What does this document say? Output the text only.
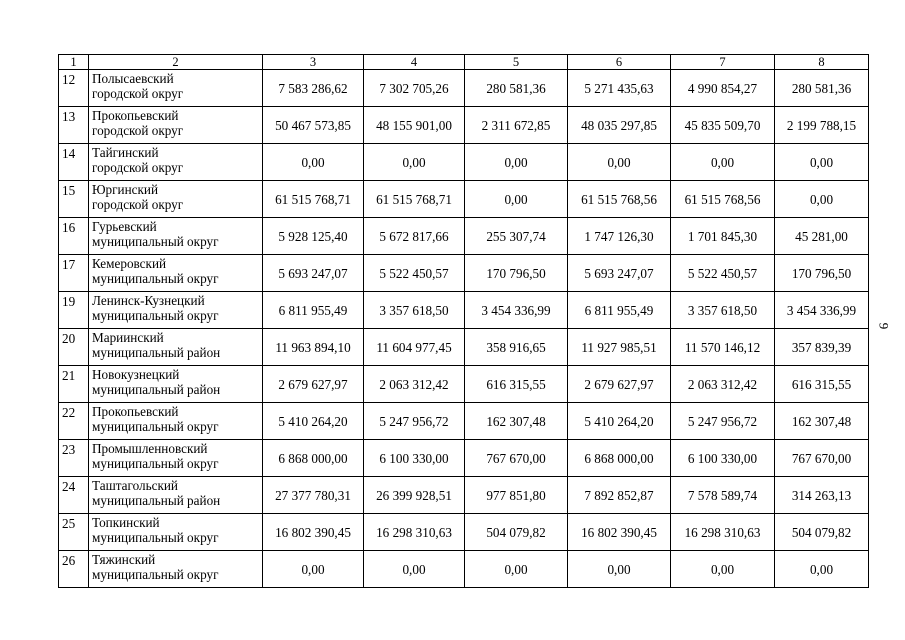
1	2	3	4	5	6	7	8
12	Полысаевский
городской округ	7 583 286,62	7 302 705,26	280 581,36	5 271 435,63	4 990 854,27	280 581,36
13	Прокопьевский
городской округ	50 467 573,85	48 155 901,00	2 311 672,85	48 035 297,85	45 835 509,70	2 199 788,15
14	Тайгинский
городской округ	0,00	0,00	0,00	0,00	0,00	0,00
15	Юргинский
городской округ	61 515 768,71	61 515 768,71	0,00	61 515 768,56	61 515 768,56	0,00
16	Гурьевский
муниципальный округ	5 928 125,40	5 672 817,66	255 307,74	1 747 126,30	1 701 845,30	45 281,00
17	Кемеровский
муниципальный округ	5 693 247,07	5 522 450,57	170 796,50	5 693 247,07	5 522 450,57	170 796,50
19	Ленинск-Кузнецкий
муниципальный округ	6 811 955,49	3 357 618,50	3 454 336,99	6 811 955,49	3 357 618,50	3 454 336,99
20	Мариинский
муниципальный район	11 963 894,10	11 604 977,45	358 916,65	11 927 985,51	11 570 146,12	357 839,39
21	Новокузнецкий
муниципальный район	2 679 627,97	2 063 312,42	616 315,55	2 679 627,97	2 063 312,42	616 315,55
22	Прокопьевский
муниципальный округ	5 410 264,20	5 247 956,72	162 307,48	5 410 264,20	5 247 956,72	162 307,48
23	Промышленновский
муниципальный округ	6 868 000,00	6 100 330,00	767 670,00	6 868 000,00	6 100 330,00	767 670,00
24	Таштагольский
муниципальный район	27 377 780,31	26 399 928,51	977 851,80	7 892 852,87	7 578 589,74	314 263,13
25	Топкинский
муниципальный округ	16 802 390,45	16 298 310,63	504 079,82	16 802 390,45	16 298 310,63	504 079,82
26	Тяжинский
муниципальный округ	0,00	0,00	0,00	0,00	0,00	0,00
9
